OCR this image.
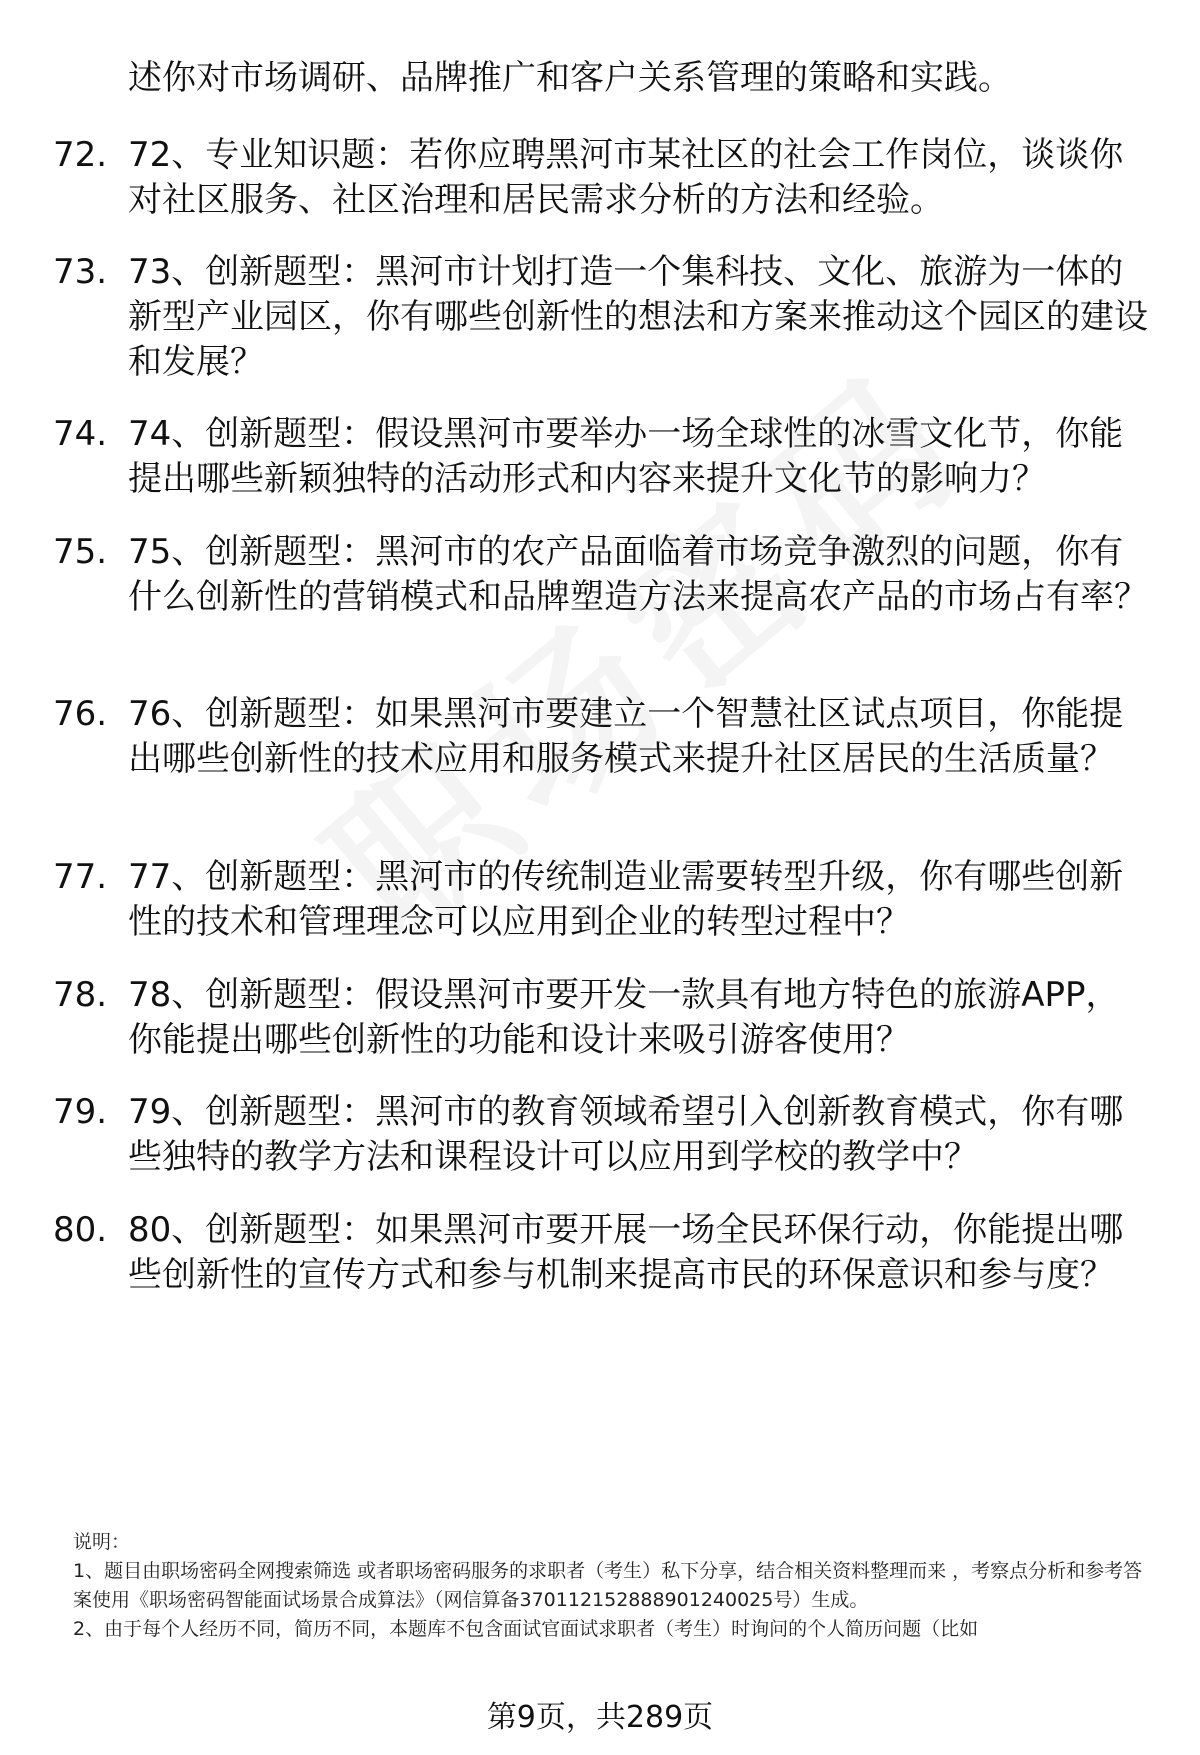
述你对市场调研、品牌推广和客户关系管理的策略和实践。

72. 72、专业知识题：若你应聘黑河市某社区的社会工作岗位，谈谈你对社区服务、社区治理和居民需求分析的方法和经验。

73. 73、创新题型：黑河市计划打造一个集科技、文化、旅游为一体的新型产业园区，你有哪些创新性的想法和方案来推动这个园区的建设和发展？

74. 74、创新题型：假设黑河市要举办一场全球性的冰雪文化节，你能提出哪些新颖独特的活动形式和内容来提升文化节的影响力？

75. 75、创新题型：黑河市的农产品面临着市场竞争激烈的问题，你有什么创新性的营销模式和品牌塑造方法来提高农产品的市场占有率？

76. 76、创新题型：如果黑河市要建立一个智慧社区试点项目，你能提出哪些创新性的技术应用和服务模式来提升社区居民的生活质量？

77. 77、创新题型：黑河市的传统制造业需要转型升级，你有哪些创新性的技术和管理理念可以应用到企业的转型过程中？

78. 78、创新题型：假设黑河市要开发一款具有地方特色的旅游APP，你能提出哪些创新性的功能和设计来吸引游客使用？

79. 79、创新题型：黑河市的教育领域希望引入创新教育模式，你有哪些独特的教学方法和课程设计可以应用到学校的教学中？

80. 80、创新题型：如果黑河市要开展一场全民环保行动，你能提出哪些创新性的宣传方式和参与机制来提高市民的环保意识和参与度？

说明：

1、题目由职场密码全网搜索筛选 或者职场密码服务的求职者（考生）私下分享，结合相关资料整理而来 ，考察点分析和参考答案使用《职场密码智能面试场景合成算法》（网信算备370112152888901240025号）生成。

2、由于每个人经历不同，简历不同，本题库不包含面试官面试求职者（考生）时询问的个人简历问题（比如

第9页，共289页
